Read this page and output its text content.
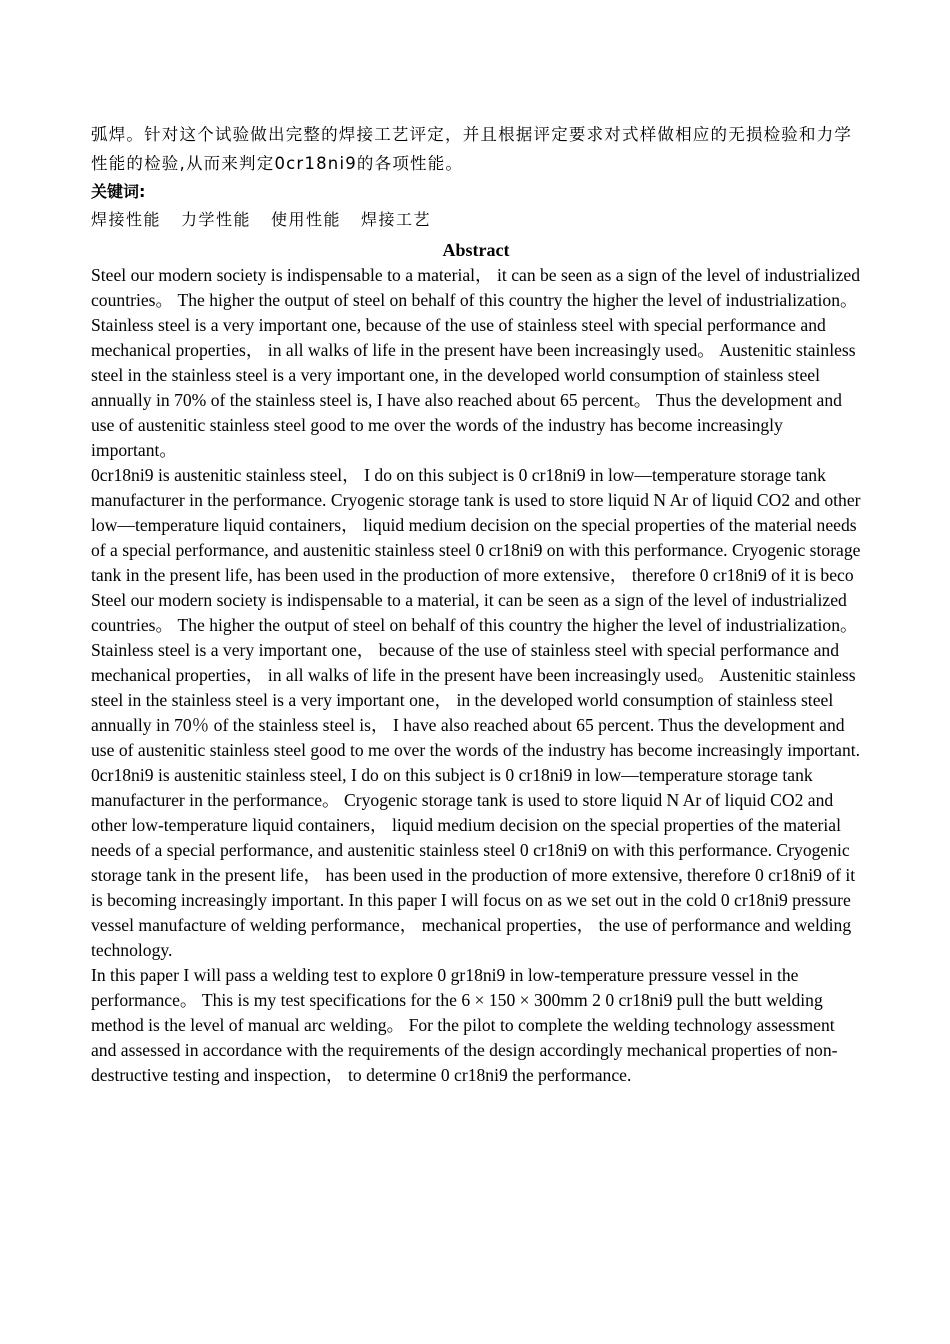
弧焊。针对这个试验做出完整的焊接工艺评定，并且根据评定要求对式样做相应的无损检验和力学性能的检验,从而来判定0cr18ni9的各项性能。

关键词:

焊接性能 力学性能 使用性能 焊接工艺
Abstract

Steel our modern society is indispensable to a material， it can be seen as a sign of the level of industrialized countries。 The higher the output of steel on behalf of this country the higher the level of industrialization。 Stainless steel is a very important one, because of the use of stainless steel with special performance and mechanical properties， in all walks of life in the present have been increasingly used。 Austenitic stainless steel in the stainless steel is a very important one, in the developed world consumption of stainless steel annually in 70% of the stainless steel is, I have also reached about 65 percent。 Thus the development and use of austenitic stainless steel good to me over the words of the industry has become increasingly important。

0cr18ni9 is austenitic stainless steel， I do on this subject is 0 cr18ni9 in low—temperature storage tank manufacturer in the performance. Cryogenic storage tank is used to store liquid N Ar of liquid CO2 and other low—temperature liquid containers， liquid medium decision on the special properties of the material needs of a special performance, and austenitic stainless steel 0 cr18ni9 on with this performance. Cryogenic storage tank in the present life, has been used in the production of more extensive， therefore 0 cr18ni9 of it is beco Steel our modern society is indispensable to a material, it can be seen as a sign of the level of industrialized countries。 The higher the output of steel on behalf of this country the higher the level of industrialization。 Stainless steel is a very important one， because of the use of stainless steel with special performance and mechanical properties， in all walks of life in the present have been increasingly used。 Austenitic stainless steel in the stainless steel is a very important one， in the developed world consumption of stainless steel annually in 70％ of the stainless steel is， I have also reached about 65 percent. Thus the development and use of austenitic stainless steel good to me over the words of the industry has become increasingly important.

0cr18ni9 is austenitic stainless steel, I do on this subject is 0 cr18ni9 in low—temperature storage tank manufacturer in the performance。 Cryogenic storage tank is used to store liquid N Ar of liquid CO2 and other low-temperature liquid containers， liquid medium decision on the special properties of the material needs of a special performance, and austenitic stainless steel 0 cr18ni9 on with this performance. Cryogenic storage tank in the present life， has been used in the production of more extensive, therefore 0 cr18ni9 of it is becoming increasingly important. In this paper I will focus on as we set out in the cold 0 cr18ni9 pressure vessel manufacture of welding performance， mechanical properties， the use of performance and welding technology.

In this paper I will pass a welding test to explore 0 gr18ni9 in low-temperature pressure vessel in the performance。 This is my test specifications for the 6 × 150 × 300mm 2 0 cr18ni9 pull the butt welding method is the level of manual arc welding。 For the pilot to complete the welding technology assessment and assessed in accordance with the requirements of the design accordingly mechanical properties of non-destructive testing and inspection， to determine 0 cr18ni9 the performance.
